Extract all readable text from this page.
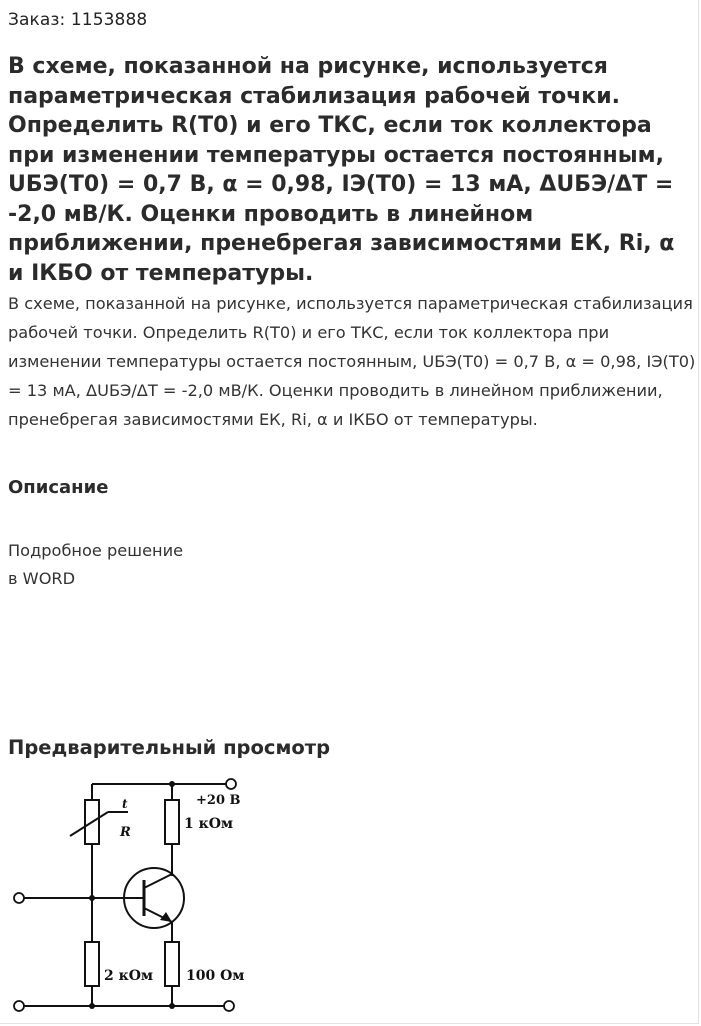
Заказ: 1153888
В схеме, показанной на рисунке, используется параметрическая стабилизация рабочей точки. Определить R(T0) и его ТКС, если ток коллектора при изменении температуры остается постоянным, UБЭ(T0) = 0,7 В, α = 0,98, IЭ(T0) = 13 мА, ΔUБЭ/ΔT = -2,0 мВ/К. Оценки проводить в линейном приближении, пренебрегая зависимостями ЕК, Ri, α и IКБО от температуры.
В схеме, показанной на рисунке, используется параметрическая стабилизация рабочей точки. Определить R(T0) и его ТКС, если ток коллектора при изменении температуры остается постоянным, UБЭ(T0) = 0,7 В, α = 0,98, IЭ(T0) = 13 мА, ΔUБЭ/ΔT = -2,0 мВ/К. Оценки проводить в линейном приближении, пренебрегая зависимостями ЕК, Ri, α и IКБО от температуры.
Описание
Подробное решение
в WORD
Предварительный просмотр
+20 В
t
R
1 кОм
2 кОм 100 Ом
